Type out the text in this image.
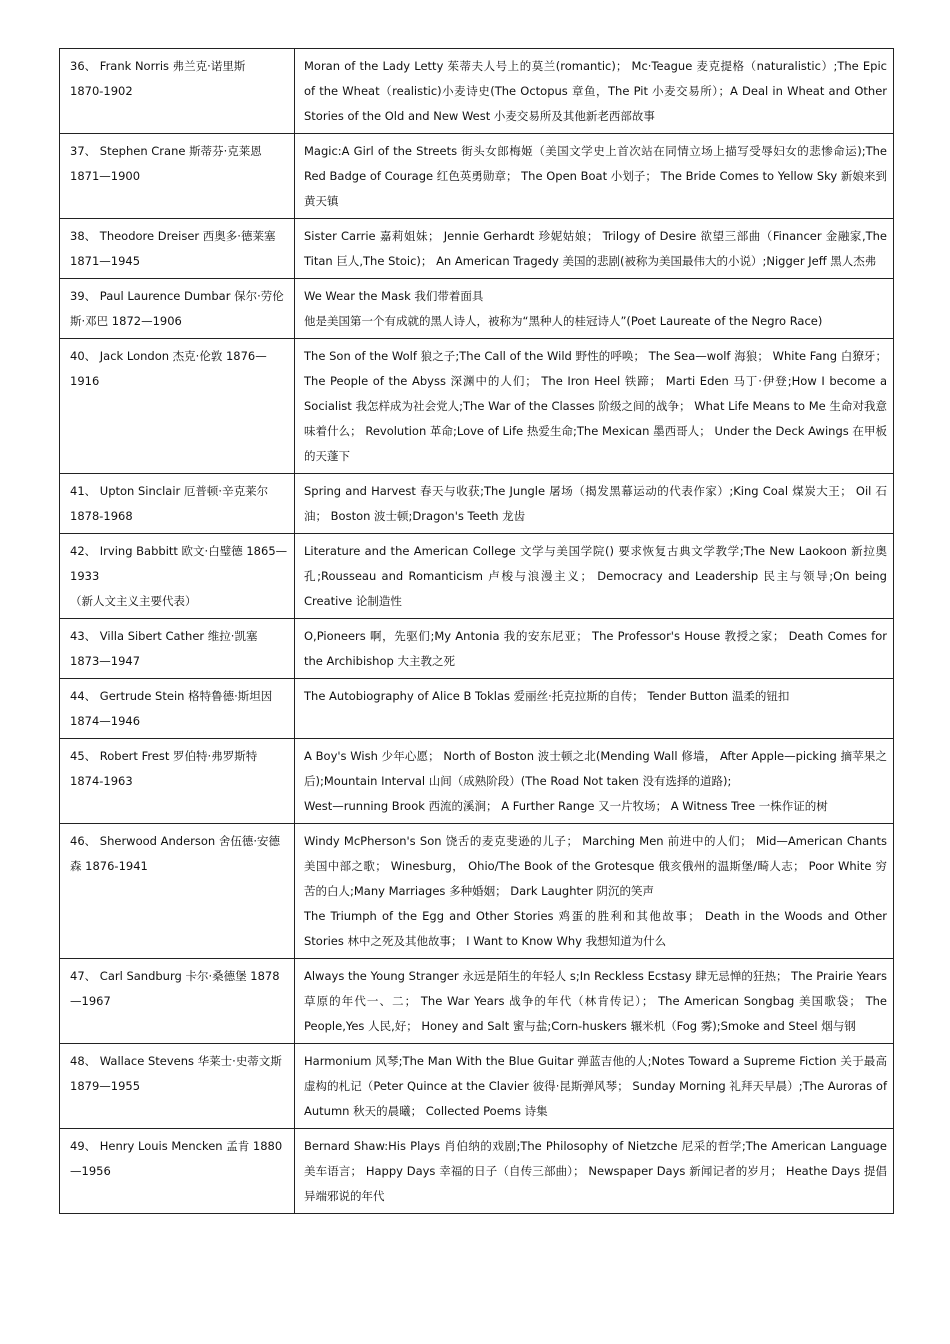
36、 Frank Norris 弗兰克·诺里斯
1870-1902	Moran of the Lady Letty 茱蒂夫人号上的莫兰(romantic)； Mc·Teague 麦克提格（naturalistic）;The Epic of the Wheat（realistic)小麦诗史(The Octopus 章鱼，The Pit 小麦交易所）；A Deal in Wheat and Other Stories of the Old and New West 小麦交易所及其他新老西部故事

37、 Stephen Crane 斯蒂芬·克莱恩
1871—1900	Magic:A Girl of the Streets 街头女郎梅姬（美国文学史上首次站在同情立场上描写受辱妇女的悲惨命运);The Red Badge of Courage 红色英勇勋章； The Open Boat 小划子； The Bride Comes to Yellow Sky 新娘来到黄天镇

38、 Theodore Dreiser 西奥多·德莱塞
1871—1945	Sister Carrie 嘉莉姐妹； Jennie Gerhardt 珍妮姑娘； Trilogy of Desire 欲望三部曲（Financer 金融家,The Titan 巨人,The Stoic)； An American Tragedy 美国的悲剧(被称为美国最伟大的小说）;Nigger Jeff 黑人杰弗

39、 Paul Laurence Dumbar 保尔·劳伦斯·邓巴 1872—1906	We Wear the Mask 我们带着面具
他是美国第一个有成就的黑人诗人，被称为“黑种人的桂冠诗人”(Poet Laureate of the Negro Race)

40、 Jack London 杰克·伦敦 1876—1916	The Son of the Wolf 狼之子;The Call of the Wild 野性的呼唤； The Sea—wolf 海狼； White Fang 白獠牙； The People of the Abyss 深渊中的人们； The Iron Heel 铁蹄； Marti Eden 马丁·伊登;How I become a Socialist 我怎样成为社会党人;The War of the Classes 阶级之间的战争； What Life Means to Me 生命对我意味着什么； Revolution 革命;Love of Life 热爱生命;The Mexican 墨西哥人； Under the Deck Awings 在甲板的天蓬下

41、 Upton Sinclair 厄普顿·辛克莱尔
1878-1968	Spring and Harvest 春天与收获;The Jungle 屠场（揭发黑幕运动的代表作家）;King Coal 煤炭大王； Oil 石油； Boston 波士顿;Dragon's Teeth 龙齿

42、 Irving Babbitt 欧文·白璧德 1865—1933
（新人文主义主要代表）	Literature and the American College 文学与美国学院() 要求恢复古典文学教学;The New Laokoon 新拉奥孔;Rousseau and Romanticism 卢梭与浪漫主义； Democracy and Leadership 民主与领导;On being Creative 论制造性

43、 Villa Sibert Cather 维拉·凯塞 1873—1947	O,Pioneers 啊，先驱们;My Antonia 我的安东尼亚； The Professor's House 教授之家； Death Comes for the Archibishop 大主教之死

44、 Gertrude Stein 格特鲁德·斯坦因
1874—1946	The Autobiography of Alice B Toklas 爱丽丝·托克拉斯的自传； Tender Button 温柔的钮扣

45、 Robert Frest 罗伯特·弗罗斯特
1874-1963	A Boy's Wish 少年心愿； North of Boston 波士顿之北(Mending Wall 修墙， After Apple—picking 摘苹果之后);Mountain Interval 山间（成熟阶段）(The Road Not taken 没有选择的道路);
West—running Brook 西流的溪涧； A Further Range 又一片牧场； A Witness Tree 一株作证的树

46、 Sherwood Anderson 舍伍德·安德森 1876-1941	Windy McPherson's Son 饶舌的麦克斐逊的儿子； Marching Men 前进中的人们； Mid—American Chants 美国中部之歌； Winesburg， Ohio/The Book of the Grotesque 俄亥俄州的温斯堡/畸人志； Poor White 穷苦的白人;Many Marriages 多种婚姻； Dark Laughter 阴沉的笑声
The Triumph of the Egg and Other Stories 鸡蛋的胜利和其他故事； Death in the Woods and Other Stories 林中之死及其他故事； I Want to Know Why 我想知道为什么

47、 Carl Sandburg 卡尔·桑德堡 1878—1967	Always the Young Stranger 永远是陌生的年轻人 s;In Reckless Ecstasy 肆无忌惮的狂热； The Prairie Years 草原的年代一、二； The War Years 战争的年代（林肯传记）； The American Songbag 美国歌袋； The People,Yes 人民,好； Honey and Salt 蜜与盐;Corn-huskers 辗米机（Fog 雾);Smoke and Steel 烟与钢

48、 Wallace Stevens 华莱士·史蒂文斯
1879—1955	Harmonium 风琴;The Man With the Blue Guitar 弹蓝吉他的人;Notes Toward a Supreme Fiction 关于最高虚构的札记（Peter Quince at the Clavier 彼得·昆斯弹风琴； Sunday Morning 礼拜天早晨）;The Auroras of Autumn 秋天的晨曦； Collected Poems 诗集

49、 Henry Louis Mencken 孟肯 1880—1956	Bernard Shaw:His Plays 肖伯纳的戏剧;The Philosophy of Nietzche 尼采的哲学;The American Language 美车语言； Happy Days 幸福的日子（自传三部曲）； Newspaper Days 新闻记者的岁月； Heathe Days 提倡异端邪说的年代
